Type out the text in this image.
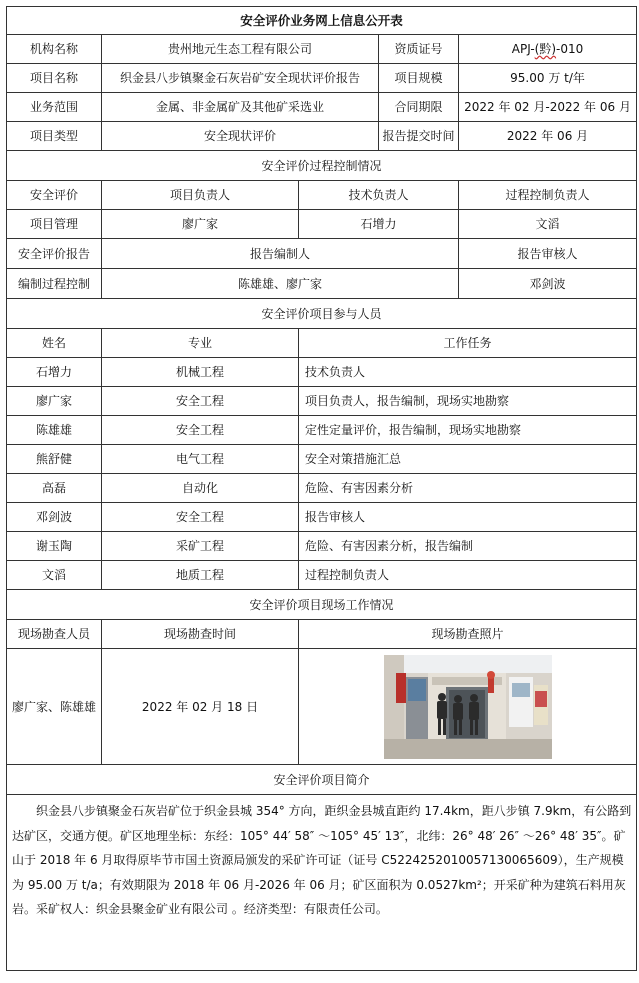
安全评价业务网上信息公开表				
机构名称	贵州地元生态工程有限公司		资质证号	APJ-(黔)-010
项目名称	织金县八步镇聚金石灰岩矿安全现状评价报告		项目规模	95.00 万 t/年
业务范围	金属、非金属矿及其他矿采选业		合同期限	2022 年 02 月-2022 年 06 月
项目类型	安全现状评价		报告提交时间	2022 年 06 月
安全评价过程控制情况				
安全评价	项目负责人	技术负责人		过程控制负责人
项目管理	廖广家	石增力		文滔
安全评价报告	报告编制人			报告审核人
编制过程控制	陈雄雄、廖广家			邓剑波
安全评价项目参与人员				
姓名	专业	工作任务		
石增力	机械工程	技术负责人		
廖广家	安全工程	项目负责人，报告编制，现场实地勘察		
陈雄雄	安全工程	定性定量评价，报告编制，现场实地勘察		
熊舒健	电气工程	安全对策措施汇总		
高磊	自动化	危险、有害因素分析		
邓剑波	安全工程	报告审核人		
谢玉陶	采矿工程	危险、有害因素分析，报告编制		
文滔	地质工程	过程控制负责人		
安全评价项目现场工作情况				
现场勘查人员	现场勘查时间	现场勘查照片		
廖广家、陈雄雄	2022 年 02 月 18 日	

安全评价项目简介				
织金县八步镇聚金石灰岩矿位于织金县城 354° 方向，距织金县城直距约 17.4km，距八步镇 7.9km，有公路到达矿区，交通方便。矿区地理坐标：东经：105° 44′ 58″ ～105° 45′ 13″，北纬：26° 48′ 26″ ～26° 48′ 35″。矿山于 2018 年 6 月取得原毕节市国土资源局颁发的采矿许可证（证号 C5224252010057130065609），生产规模为 95.00 万 t/a；有效期限为 2018 年 06 月-2026 年 06 月；矿区面积为 0.0527km²；开采矿种为建筑石料用灰岩。采矿权人：织金县聚金矿业有限公司 。经济类型：有限责任公司。				
